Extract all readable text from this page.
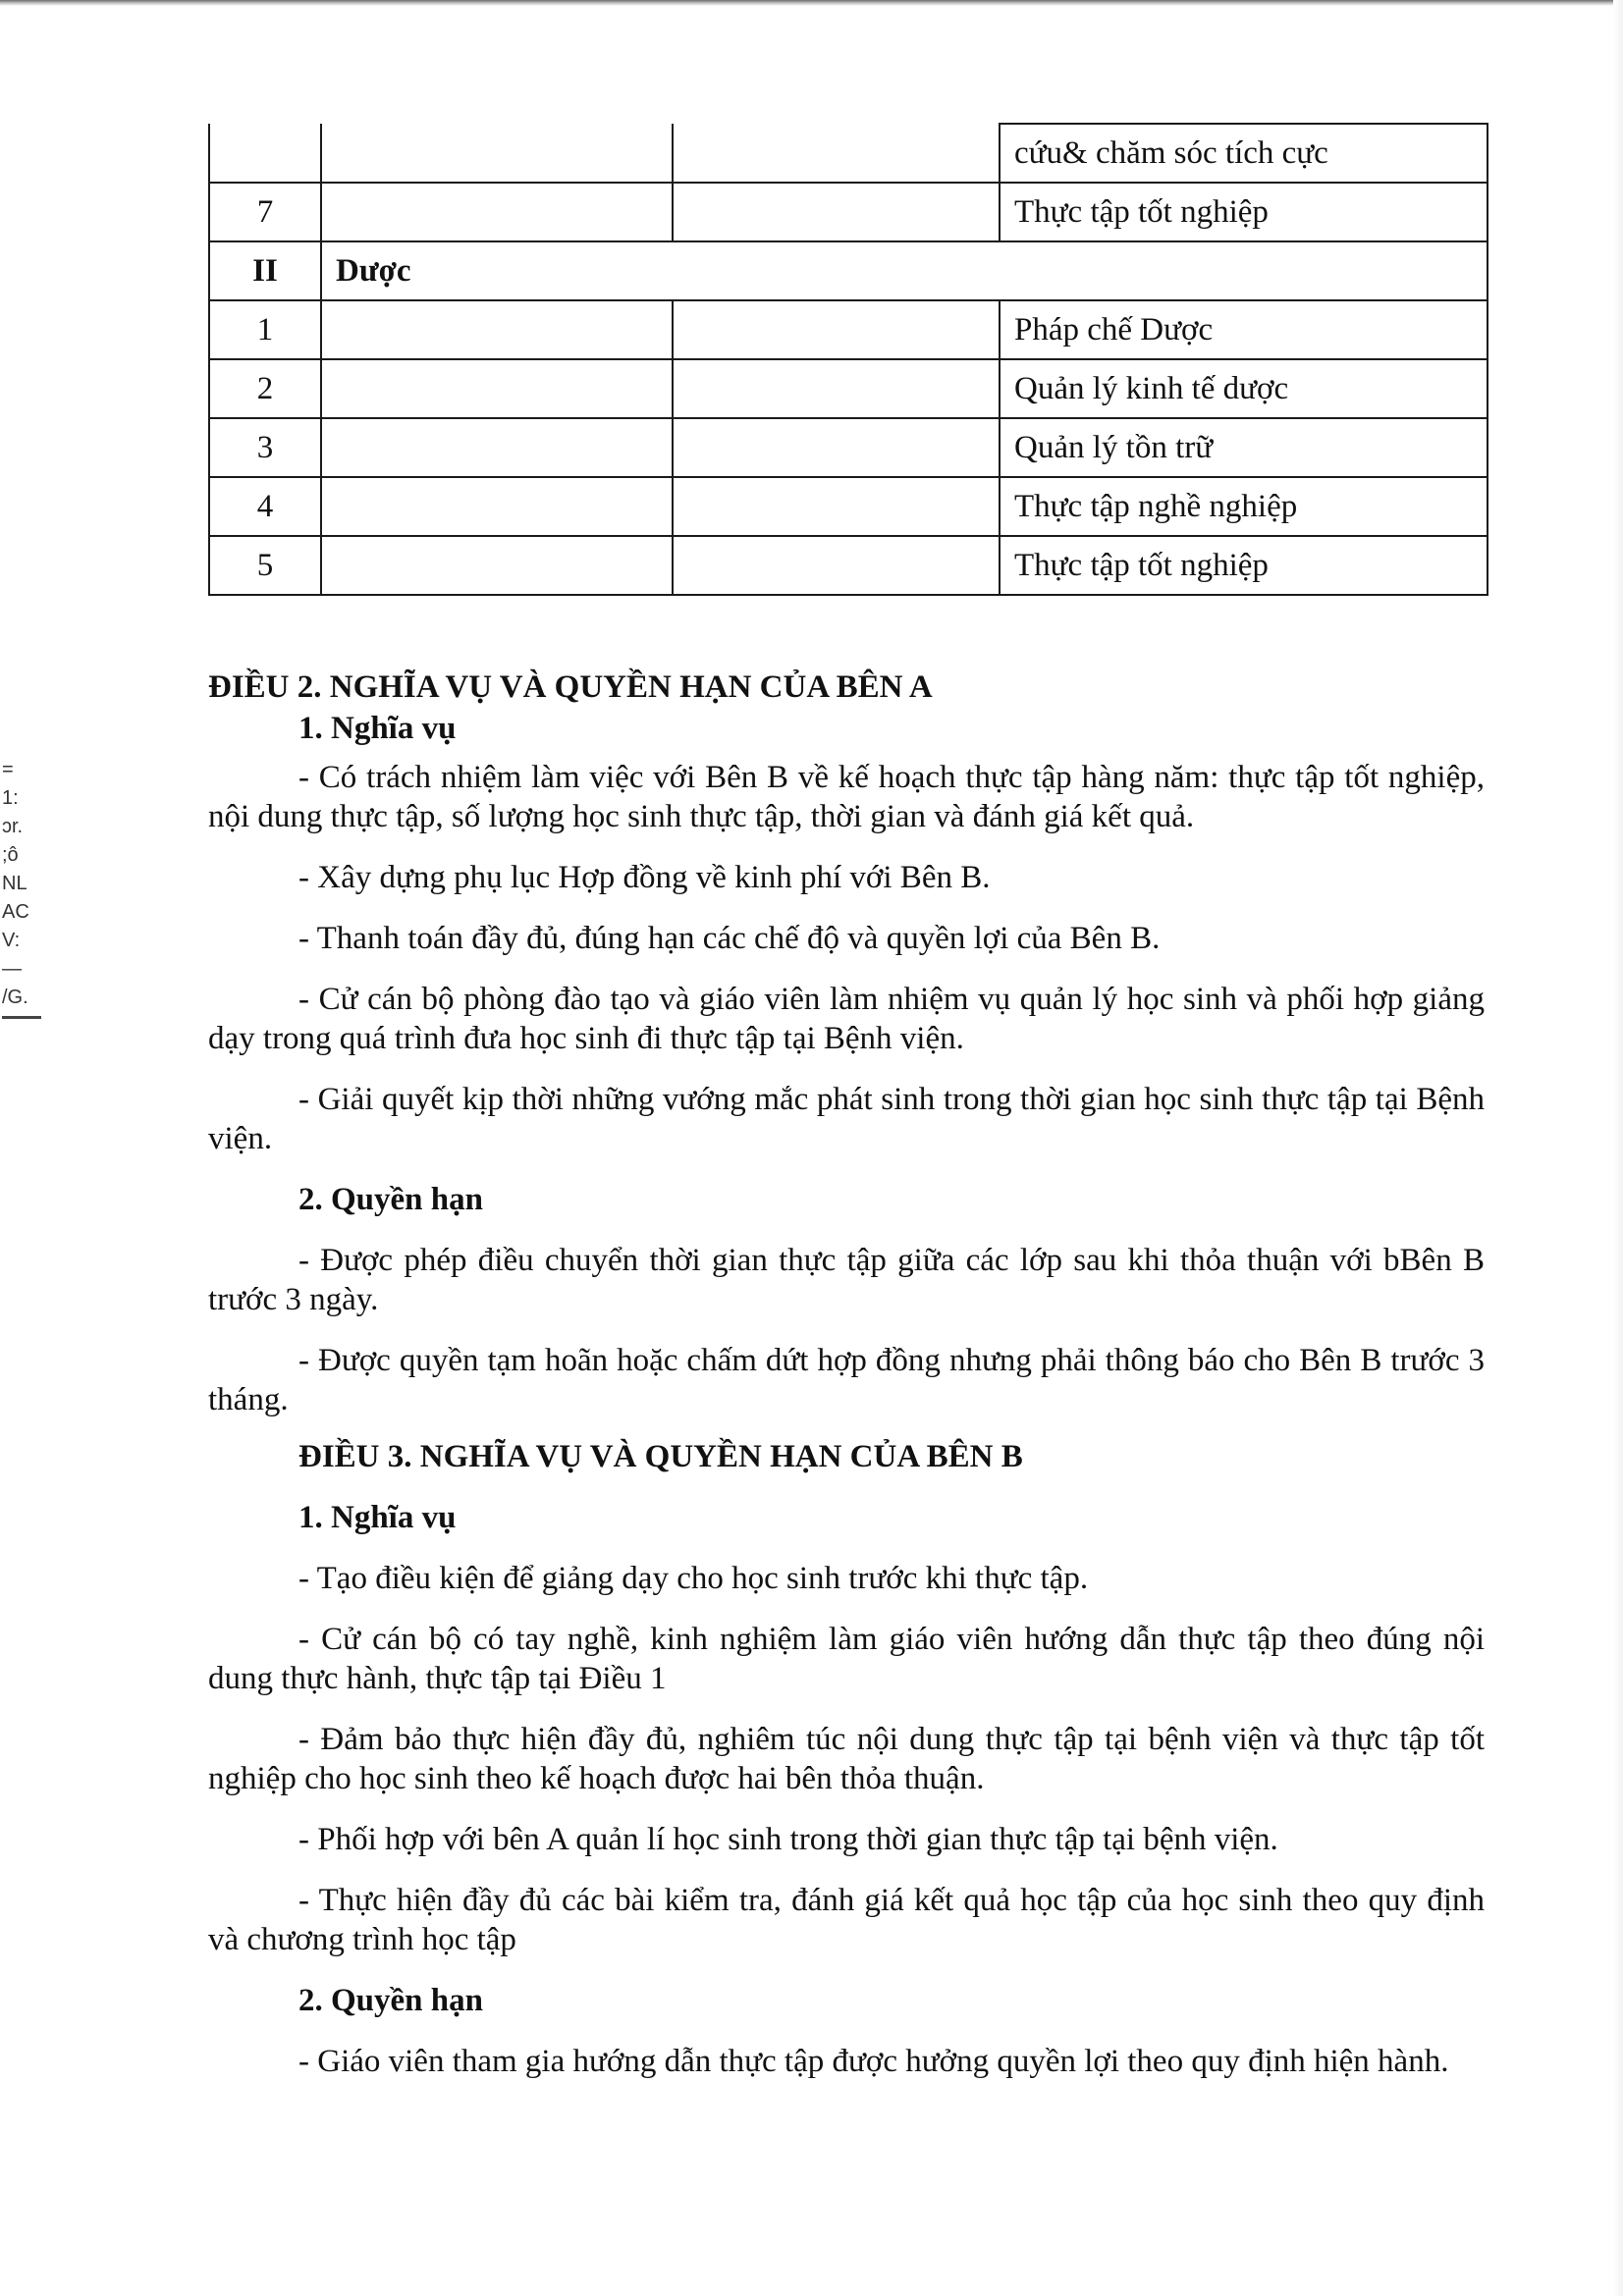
=
1:
ɔr.
;ô
NL
AC
V:
—
/G.
			cứu& chăm sóc tích cực
7			Thực tập tốt nghiệp
II	Dược		
1			Pháp chế Dược
2			Quản lý kinh tế dược
3			Quản lý tồn trữ
4			Thực tập nghề nghiệp
5			Thực tập tốt nghiệp
ĐIỀU 2. NGHĨA VỤ VÀ QUYỀN HẠN CỦA BÊN A
1. Nghĩa vụ

- Có trách nhiệm làm việc với Bên B về kế hoạch thực tập hàng năm: thực tập tốt nghiệp, nội dung thực tập, số lượng học sinh thực tập, thời gian và đánh giá kết quả.

- Xây dựng phụ lục Hợp đồng về kinh phí với Bên B.

- Thanh toán đầy đủ, đúng hạn các chế độ và quyền lợi của Bên B.

- Cử cán bộ phòng đào tạo và giáo viên làm nhiệm vụ quản lý học sinh và phối hợp giảng dạy trong quá trình đưa học sinh đi thực tập tại Bệnh viện.

- Giải quyết kịp thời những vướng mắc phát sinh trong thời gian học sinh thực tập tại Bệnh viện.

2. Quyền hạn

- Được phép điều chuyển thời gian thực tập giữa các lớp sau khi thỏa thuận với bBên B trước 3 ngày.

- Được quyền tạm hoãn hoặc chấm dứt hợp đồng nhưng phải thông báo cho Bên B trước 3 tháng.

ĐIỀU 3. NGHĨA VỤ VÀ QUYỀN HẠN CỦA BÊN B
1. Nghĩa vụ

- Tạo điều kiện để giảng dạy cho học sinh trước khi thực tập.

- Cử cán bộ có tay nghề, kinh nghiệm làm giáo viên hướng dẫn thực tập theo đúng nội dung thực hành, thực tập tại Điều 1

- Đảm bảo thực hiện đầy đủ, nghiêm túc nội dung thực tập tại bệnh viện và thực tập tốt nghiệp cho học sinh theo kế hoạch được hai bên thỏa thuận.

- Phối hợp với bên A quản lí học sinh trong thời gian thực tập tại bệnh viện.

- Thực hiện đầy đủ các bài kiểm tra, đánh giá kết quả học tập của học sinh theo quy định và chương trình học tập

2. Quyền hạn

- Giáo viên tham gia hướng dẫn thực tập được hưởng quyền lợi theo quy định hiện hành.
